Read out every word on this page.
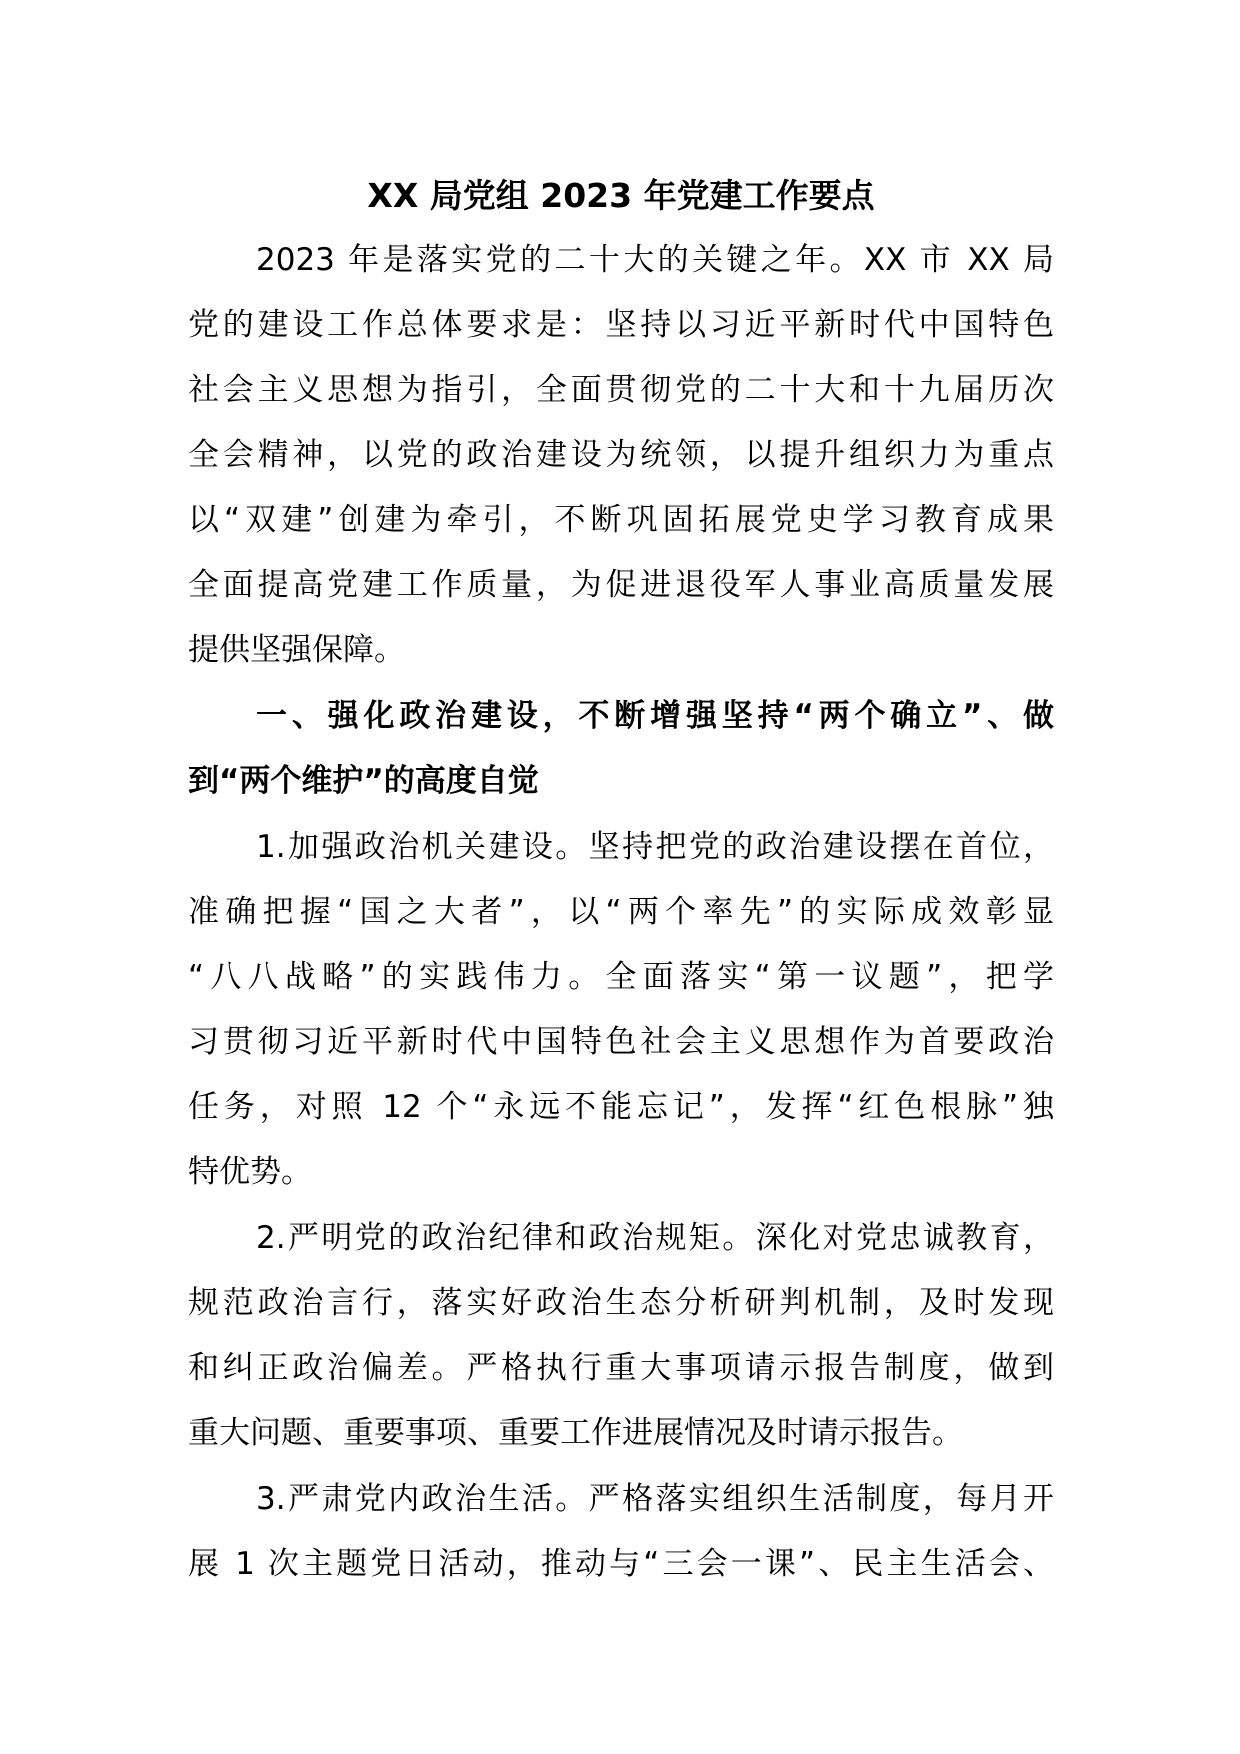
XX 局党组 2023 年党建工作要点
2023 年是落实党的二十大的关键之年。XX 市 XX 局
党的建设工作总体要求是：坚持以习近平新时代中国特色
社会主义思想为指引，全面贯彻党的二十大和十九届历次
全会精神，以党的政治建设为统领，以提升组织力为重点
以“双建”创建为牵引，不断巩固拓展党史学习教育成果
全面提高党建工作质量，为促进退役军人事业高质量发展
提供坚强保障。
一、强化政治建设，不断增强坚持“两个确立”、做
到“两个维护”的高度自觉
1.加强政治机关建设。坚持把党的政治建设摆在首位，
准确把握“国之大者”，以“两个率先”的实际成效彰显
“八八战略”的实践伟力。全面落实“第一议题”，把学
习贯彻习近平新时代中国特色社会主义思想作为首要政治
任务，对照 12 个“永远不能忘记”，发挥“红色根脉”独
特优势。
2.严明党的政治纪律和政治规矩。深化对党忠诚教育，
规范政治言行，落实好政治生态分析研判机制，及时发现
和纠正政治偏差。严格执行重大事项请示报告制度，做到
重大问题、重要事项、重要工作进展情况及时请示报告。
3.严肃党内政治生活。严格落实组织生活制度，每月开
展 1 次主题党日活动，推动与“三会一课”、民主生活会、
